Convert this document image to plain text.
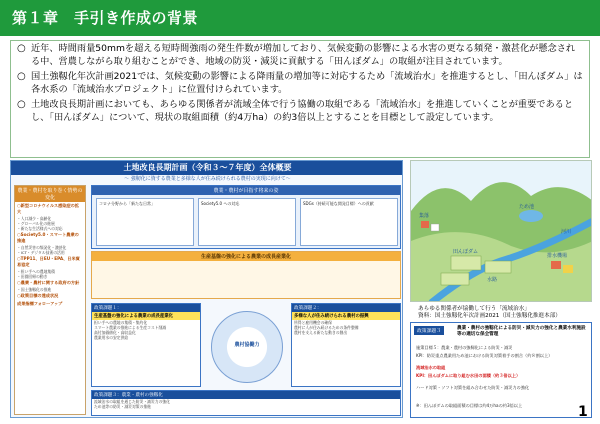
第１章　手引き作成の背景
○ 近年、時間雨量50mmを超える短時間強雨の発生件数が増加しており、気候変動の影響による水害の更なる頻発・激甚化が懸念される中、営農しながら取り組むことができ、地域の防災・減災に貢献する「田んぼダム」の取組が注目されています。
○ 国土強靱化年次計画2021では、気候変動の影響による降雨量の増加等に対応するため「流域治水」を推進するとし、「田んぼダム」は各水系の「流域治水プロジェクト」に位置付けられています。
○ 土地改良長期計画においても、あらゆる関係者が流域全体で行う協働の取組である「流域治水」を推進していくことが重要であるとし、「田んぼダム」について、現状の取組面積（約4万ha）の約3倍以上とすることを目標として設定しています。
土地改良長期計画（令和３～７年度）全体概要
～ 強靭化に資する農業と多様な人が住み続けられる農村の実現に向けて～
農業・農村を取り巻く情勢の変化
○新型コロナウイルス感染症の拡大
・人口減少・高齢化
・グローバル化の進展
・新たな生活様式への対応
○Society5.0・スマート農業の推進
・自然災害の頻発化・激甚化
・ICT・デジタル技術の活用
○TPP11、日EU・EPA、日米貿易協定
・担い手への農地集積
・田園回帰の動き
○農業・農村に関する政府の方針
・国土強靱化の推進
○政策目標の達成状況
成果指標フォローアップ
農業・農村が目指す将来の姿
コロナ分野から「新たな日常」	Society5.0 への対応	SDGs（持続可能な開発目標）への貢献
生産基盤の強化による農業の成長産業化
政策課題１：
生産基盤の強化による農業の成長産業化
担い手への農地の集積・集約化
スマート農業の推進による生産コスト削減
高付加価値化・高収益化
農業用水の安定供給
農村協働力
政策課題２：
多様な人が住み続けられる農村の振興
所得と雇用機会の確保
農村に人が住み続けるための条件整備
農村を支える新たな動きの創出
政策課題３：農業・農村の強靱化
流域治水の取組を通じた防災・減災力の強化
ため池等の防災・減災対策の推進
ため池
田んぼダム
水路
排水機場
集落
河川
あらゆる関係者が協働して行う「流域治水」
資料：国土強靱化年次計画2021（国土強靱化推進本部）
政策課題３
農業・農村の強靱化による防災・減災力の強化と農業水利施設等の適切な保全管理
施策目標５：農業・農村の強靱化による防災・減災
KPI：防災重点農業用ため池における防災対策着手の割合（約８割以上）
流域治水の取組
KPI：田んぼダムに取り組む水田の面積（約３倍以上）
ハード対策・ソフト対策を組み合わせた防災・減災力の強化
※：田んぼダムの取組面積の目標は約4万haの約3倍以上	1
